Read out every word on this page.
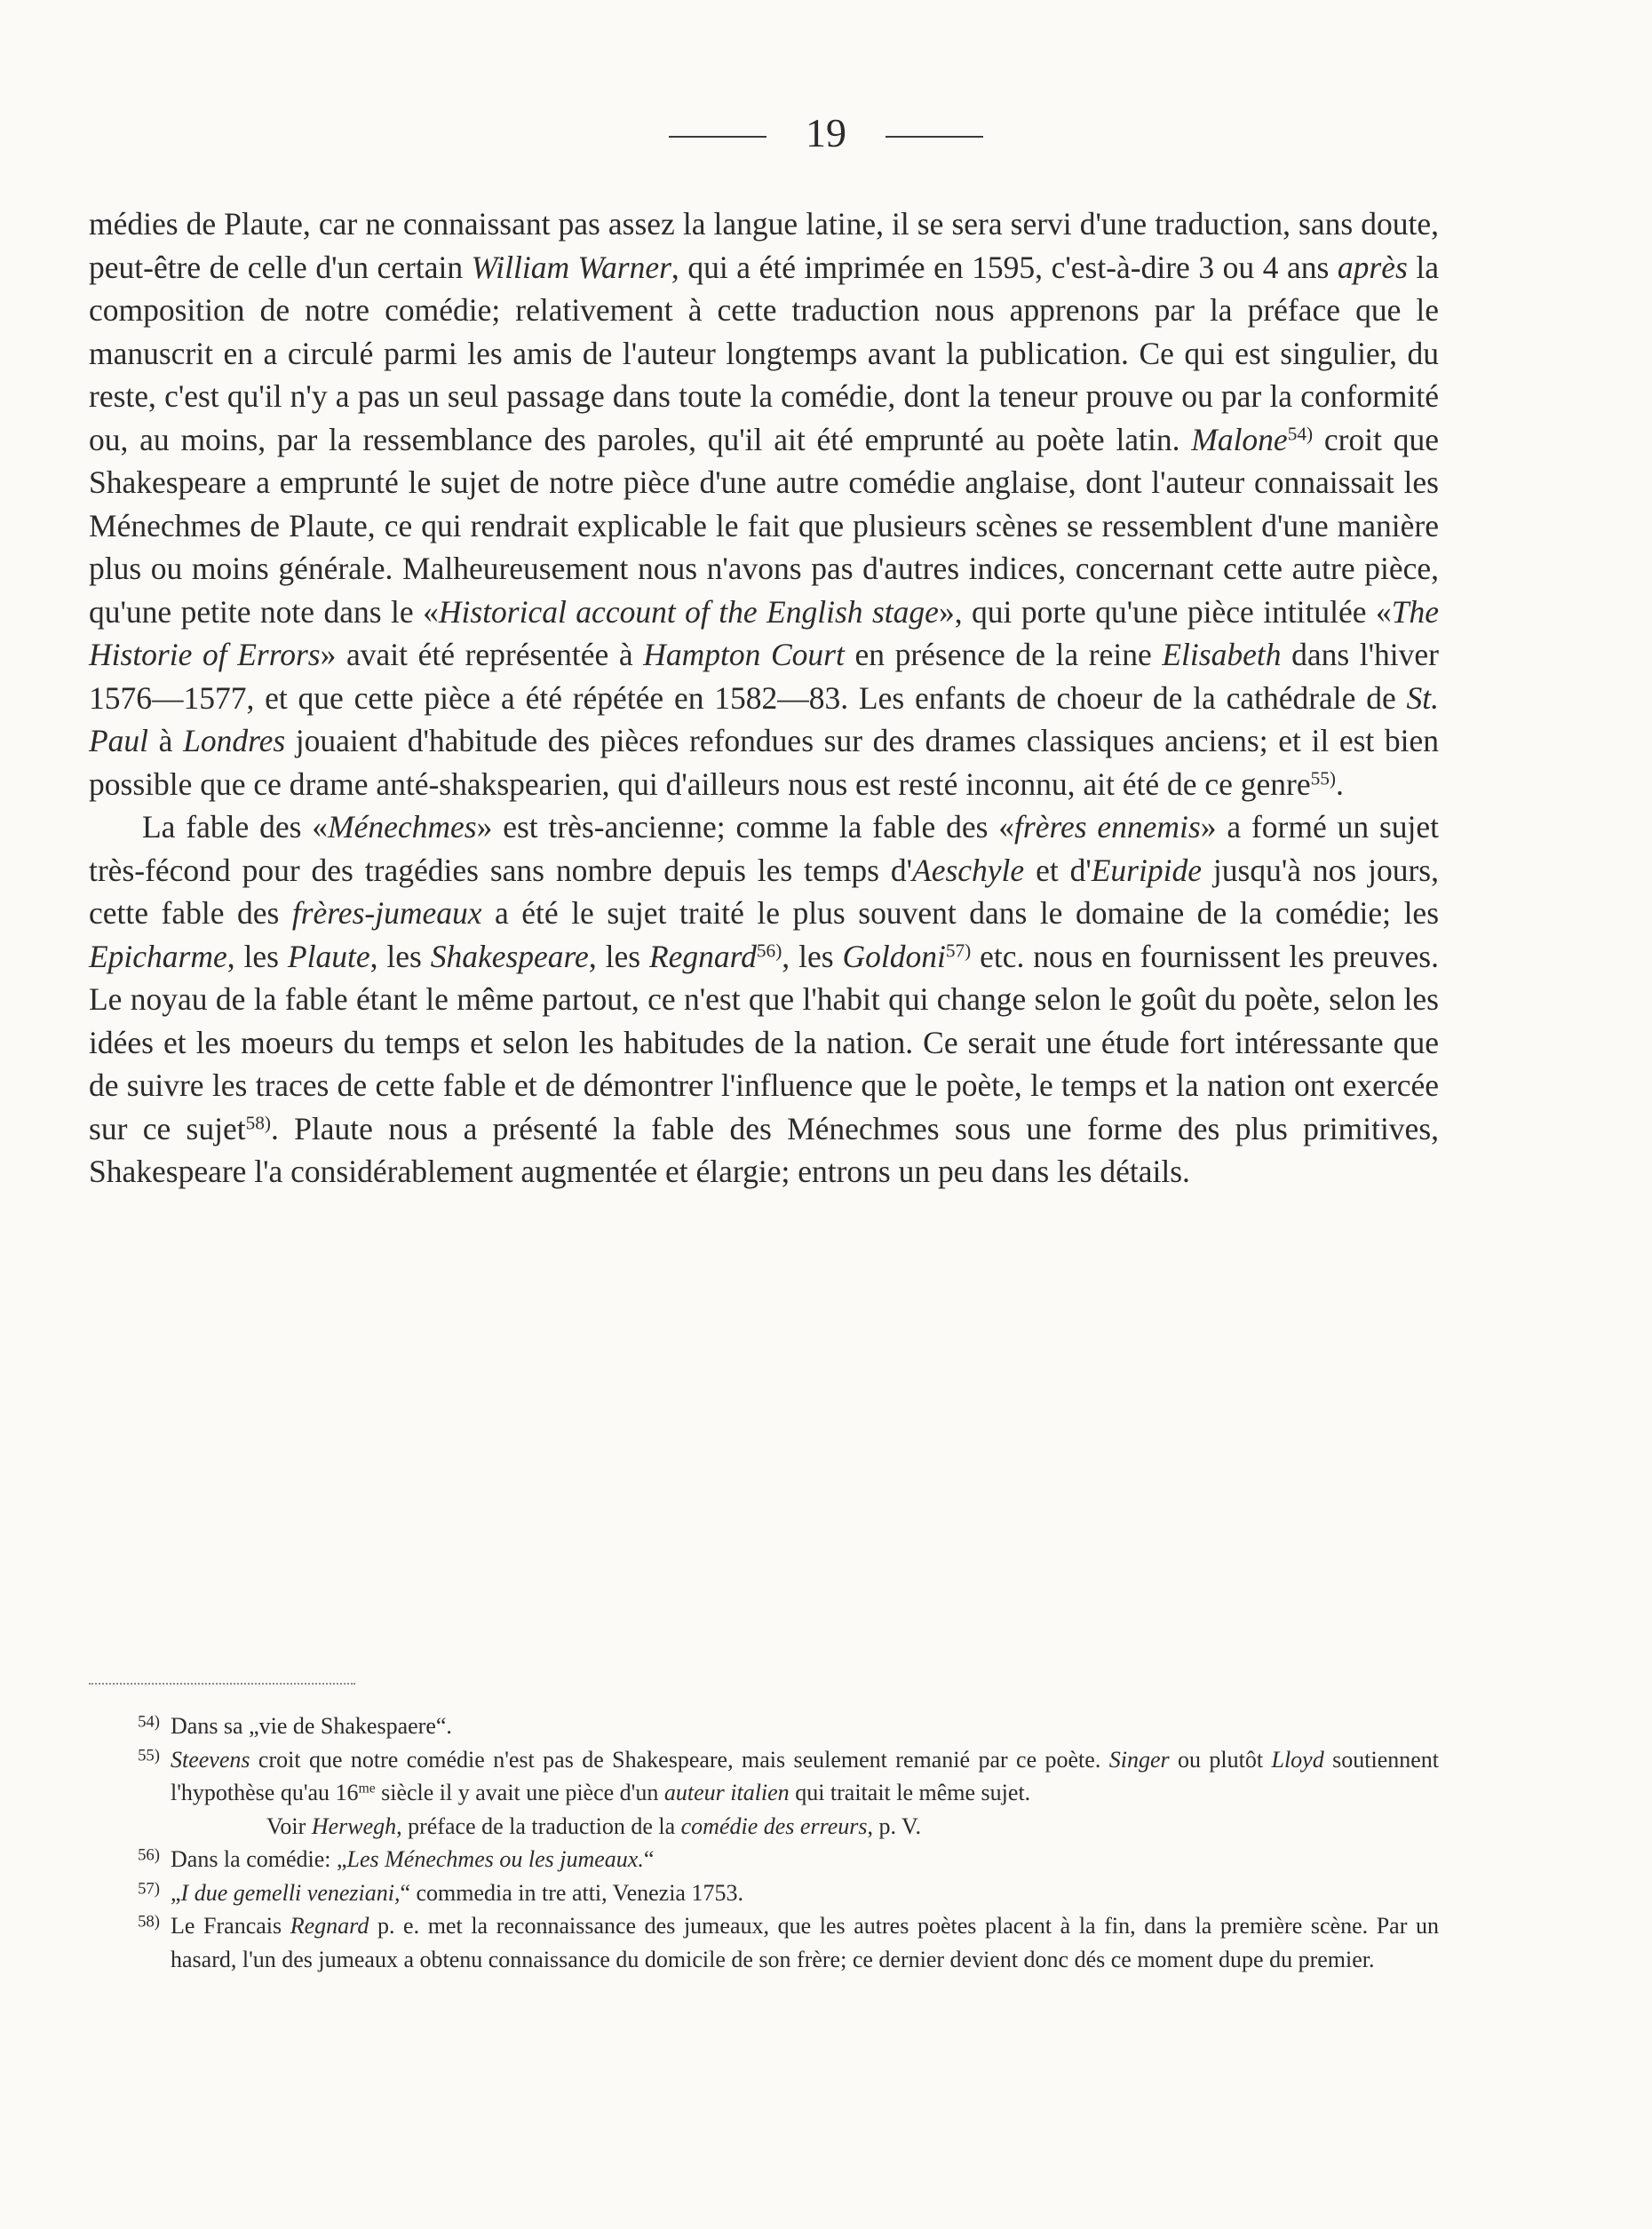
19

médies de Plaute, car ne connaissant pas assez la langue latine, il se sera servi d'une traduction, sans doute, peut-être de celle d'un certain William Warner, qui a été imprimée en 1595, c'est-à-dire 3 ou 4 ans après la composition de notre comédie; relativement à cette traduction nous apprenons par la préface que le manuscrit en a circulé parmi les amis de l'auteur longtemps avant la publication. Ce qui est singulier, du reste, c'est qu'il n'y a pas un seul passage dans toute la comédie, dont la teneur prouve ou par la conformité ou, au moins, par la ressemblance des paroles, qu'il ait été emprunté au poète latin. Malone$^{54)}$ croit que Shakespeare a emprunté le sujet de notre pièce d'une autre comédie anglaise, dont l'auteur connaissait les Ménechmes de Plaute, ce qui rendrait explicable le fait que plusieurs scènes se ressemblent d'une manière plus ou moins générale. Malheureusement nous n'avons pas d'autres indices, concernant cette autre pièce, qu'une petite note dans le «Historical account of the English stage», qui porte qu'une pièce intitulée «The Historie of Errors» avait été représentée à Hampton Court en présence de la reine Elisabeth dans l'hiver 1576—1577, et que cette pièce a été répétée en 1582—83. Les enfants de choeur de la cathédrale de St. Paul à Londres jouaient d'habitude des pièces refondues sur des drames classiques anciens; et il est bien possible que ce drame anté-shakspearien, qui d'ailleurs nous est resté inconnu, ait été de ce genre$^{55)}$.

La fable des «Ménechmes» est très-ancienne; comme la fable des «frères ennemis» a formé un sujet très-fécond pour des tragédies sans nombre depuis les temps d'Aeschyle et d'Euripide jusqu'à nos jours, cette fable des frères-jumeaux a été le sujet traité le plus souvent dans le domaine de la comédie; les Epicharme, les Plaute, les Shakespeare, les Regnard$^{56)}$, les Goldoni$^{57)}$ etc. nous en fournissent les preuves. Le noyau de la fable étant le même partout, ce n'est que l'habit qui change selon le goût du poète, selon les idées et les moeurs du temps et selon les habitudes de la nation. Ce serait une étude fort intéressante que de suivre les traces de cette fable et de démontrer l'influence que le poète, le temps et la nation ont exercée sur ce sujet$^{58)}$. Plaute nous a présenté la fable des Ménechmes sous une forme des plus primitives, Shakespeare l'a considérablement augmentée et élargie; entrons un peu dans les détails.

$^{54)}$ Dans sa „vie de Shakespaere“.
$^{55)}$ Steevens croit que notre comédie n'est pas de Shakespeare, mais seulement remanié par ce poète. Singer ou plutôt Lloyd soutiennent l'hypothèse qu'au $16^{me}$ siècle il y avait une pièce d'un auteur italien qui traitait le même sujet.

Voir Herwegh, préface de la traduction de la comédie des erreurs, p. V.

$^{56)}$ Dans la comédie: „Les Ménechmes ou les jumeaux.“
$^{57)}$ „I due gemelli veneziani,“ commedia in tre atti, Venezia 1753.
$^{58)}$ Le Francais Regnard p. e. met la reconnaissance des jumeaux, que les autres poètes placent à la fin, dans la première scène. Par un hasard, l'un des jumeaux a obtenu connaissance du domicile de son frère; ce dernier devient donc dés ce moment dupe du premier.
